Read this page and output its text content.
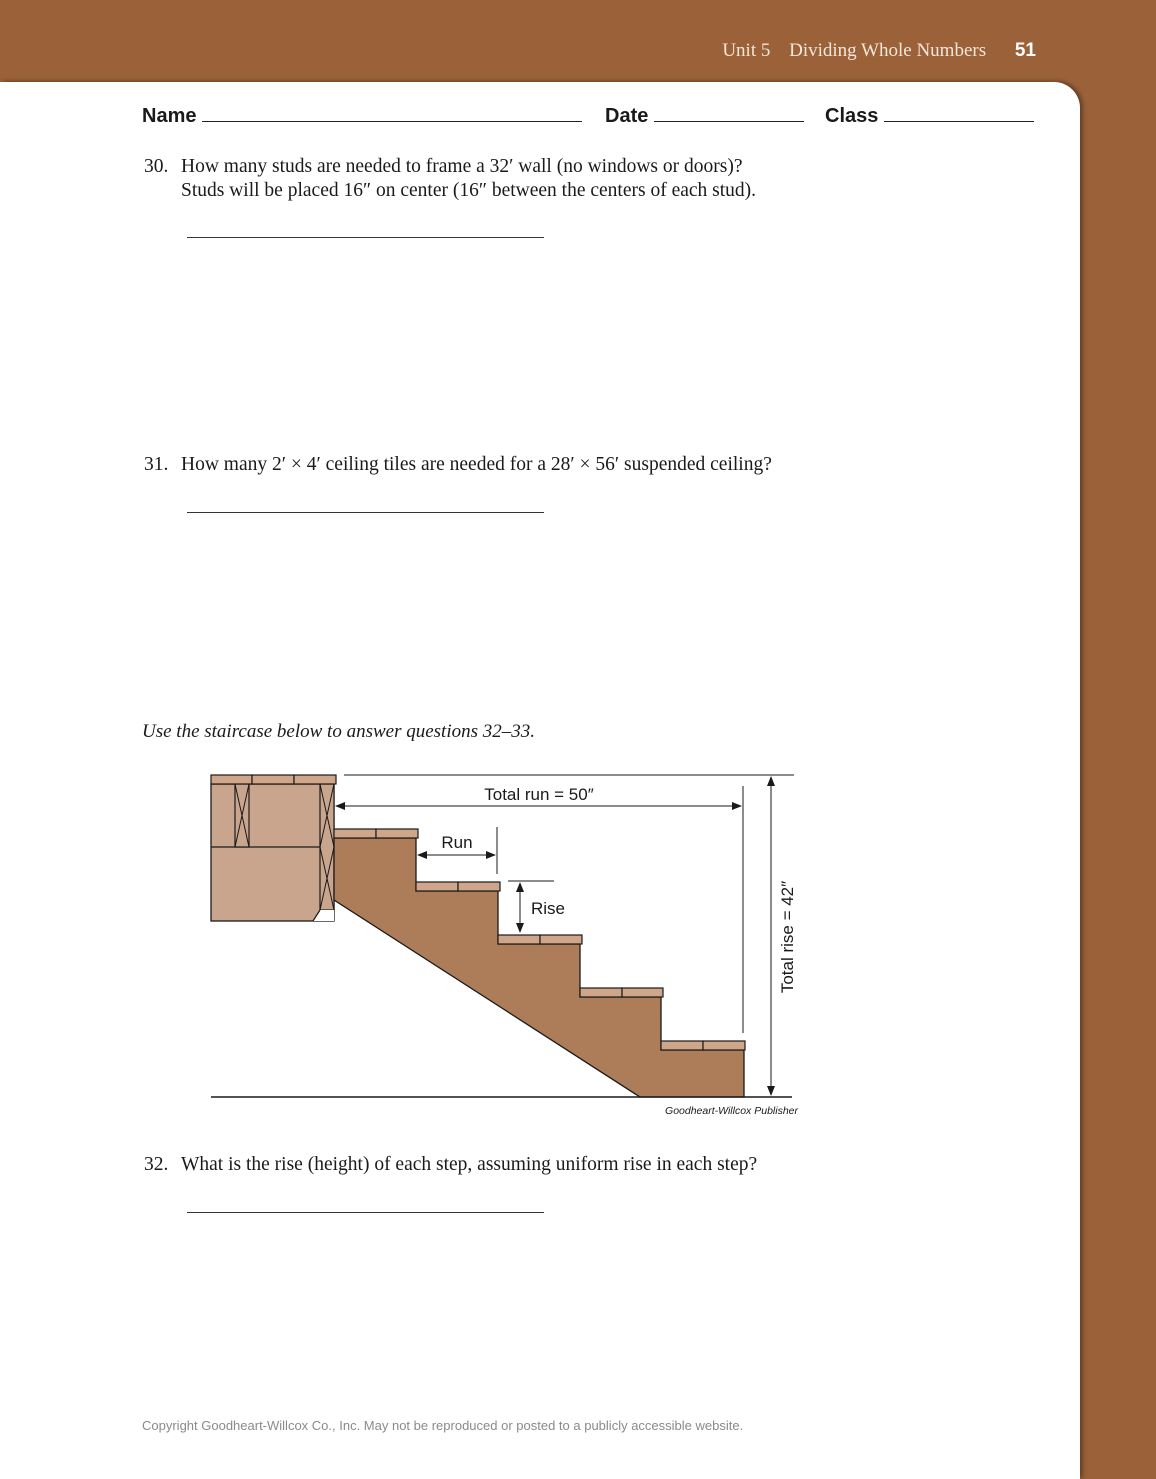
Unit 5 Dividing Whole Numbers 51
Name	Date	Class
30. How many studs are needed to frame a 32′ wall (no windows or doors)?
Studs will be placed 16″ on center (16″ between the centers of each stud).
31. How many 2′ × 4′ ceiling tiles are needed for a 28′ × 56′ suspended ceiling?
Use the staircase below to answer questions 32–33.
Total run = 50″
Run
Rise	Total rise = 42″
Goodheart-Willcox Publisher
32. What is the rise (height) of each step, assuming uniform rise in each step?
Copyright Goodheart-Willcox Co., Inc. May not be reproduced or posted to a publicly accessible website.
